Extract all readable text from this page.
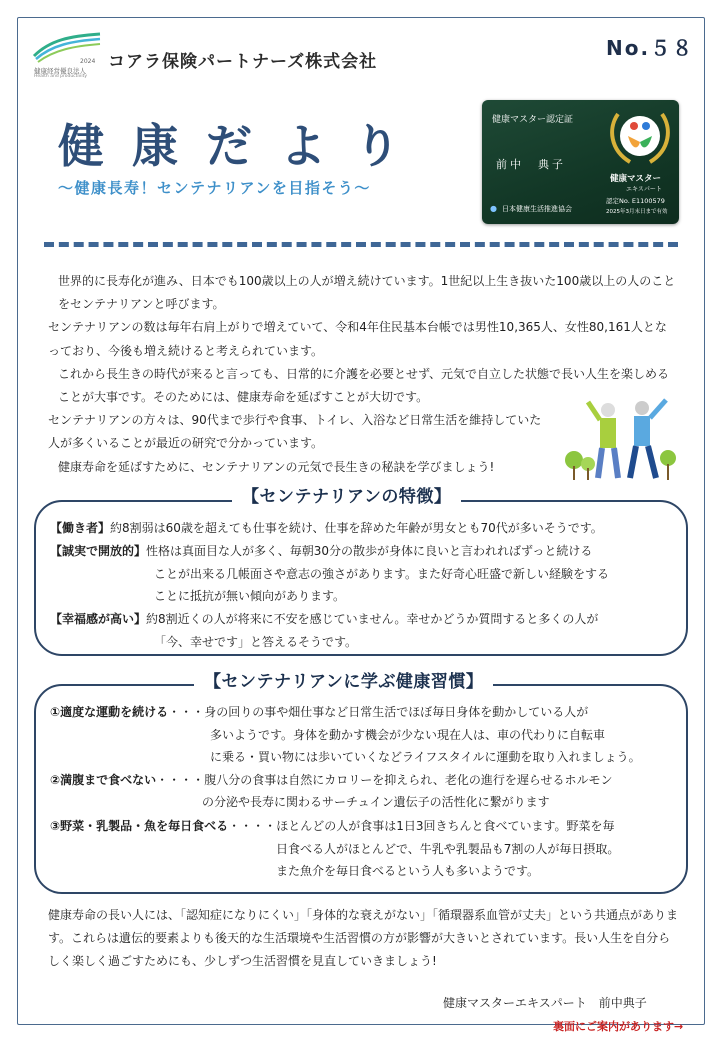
2024
健康経営優良法人
Health and productivity
コアラ保険パートナーズ株式会社
No.５８
健康だより
～健康長寿！センテナリアンを目指そう～
健康マスター認定証
前中　典子
● 日本健康生活推進協会
健康マスター
エキスパート
認定No. E1100579
2025年3月末日まで有効

世界的に長寿化が進み、日本でも100歳以上の人が増え続けています。1世紀以上生き抜いた100歳以上の人のことをセンテナリアンと呼びます。

センテナリアンの数は毎年右肩上がりで増えていて、令和4年住民基本台帳では男性10,365人、女性80,161人となっており、今後も増え続けると考えられています。

これから長生きの時代が来ると言っても、日常的に介護を必要とせず、元気で自立した状態で長い人生を楽しめることが大事です。そのためには、健康寿命を延ばすことが大切です。

センテナリアンの方々は、90代まで歩行や食事、トイレ、入浴など日常生活を維持していた人が多くいることが最近の研究で分かっています。

健康寿命を延ばすために、センテナリアンの元気で長生きの秘訣を学びましょう!

【センテナリアンの特徴】
【働き者】約8割弱は60歳を超えても仕事を続け、仕事を辞めた年齢が男女とも70代が多いそうです。
【誠実で開放的】性格は真面目な人が多く、毎朝30分の散歩が身体に良いと言われればずっと続ける
ことが出来る几帳面さや意志の強さがあります。また好奇心旺盛で新しい経験をする
ことに抵抗が無い傾向があります。
【幸福感が高い】約8割近くの人が将来に不安を感じていません。幸せかどうか質問すると多くの人が
「今、幸せです」と答えるそうです。
【センテナリアンに学ぶ健康習慣】
①適度な運動を続ける・・・身の回りの事や畑仕事など日常生活でほぼ毎日身体を動かしている人が
多いようです。身体を動かす機会が少ない現在人は、車の代わりに自転車
に乗る・買い物には歩いていくなどライフスタイルに運動を取り入れましょう。
②満腹まで食べない・・・・腹八分の食事は自然にカロリーを抑えられ、老化の進行を遅らせるホルモン
の分泌や長寿に関わるサーチュイン遺伝子の活性化に繋がります
③野菜・乳製品・魚を毎日食べる・・・・ほとんどの人が食事は1日3回きちんと食べています。野菜を毎
日食べる人がほとんどで、牛乳や乳製品も7割の人が毎日摂取。
また魚介を毎日食べるという人も多いようです。

健康寿命の長い人には、「認知症になりにくい」「身体的な衰えがない」「循環器系血管が丈夫」という共通点があります。これらは遺伝的要素よりも後天的な生活環境や生活習慣の方が影響が大きいとされています。長い人生を自分らしく楽しく過ごすためにも、少しずつ生活習慣を見直していきましょう!

健康マスターエキスパート　前中典子
裏面にご案内があります→
